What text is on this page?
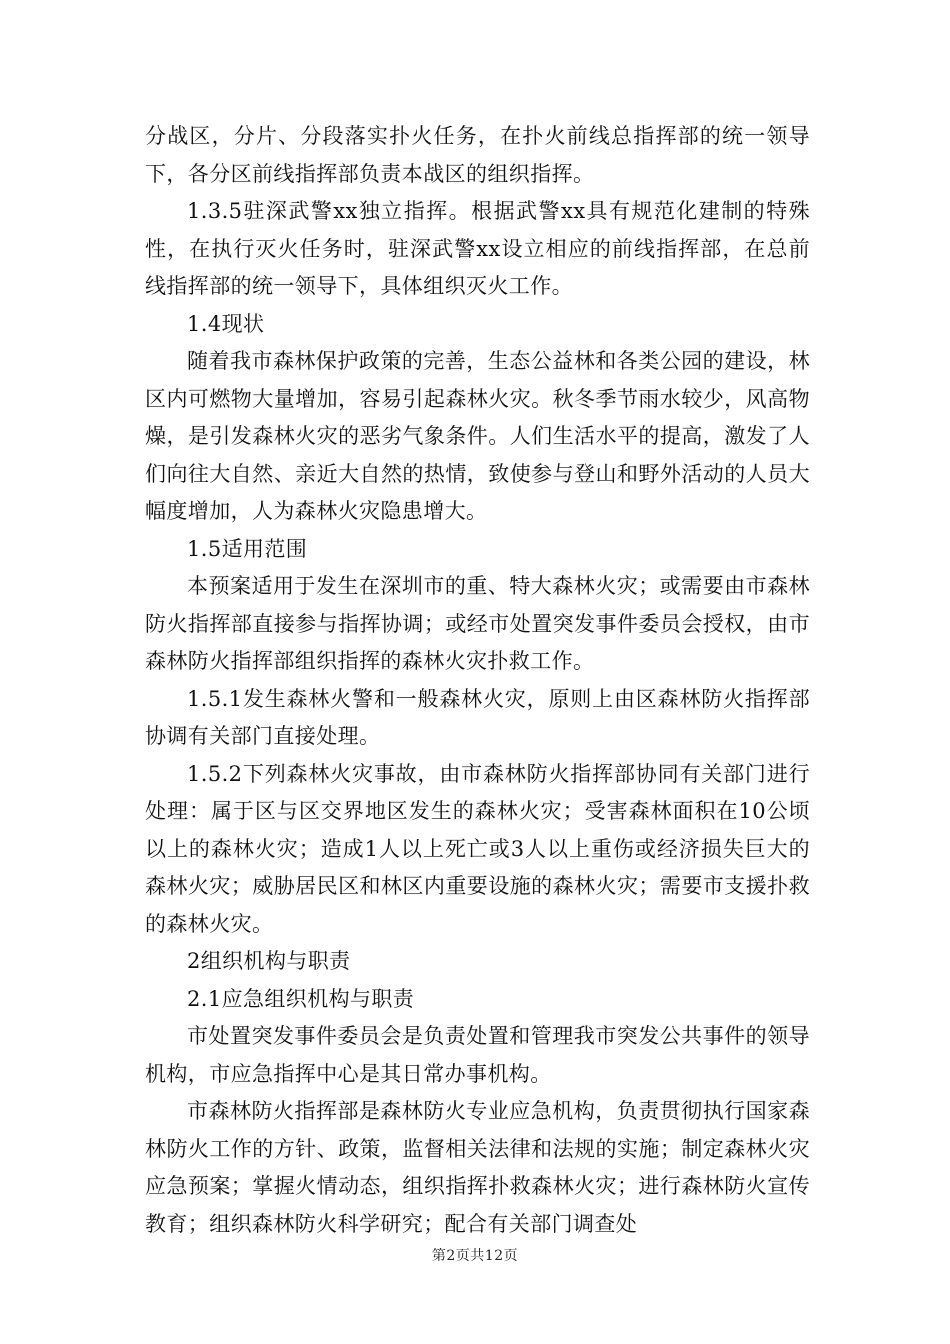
分战区，分片、分段落实扑火任务，在扑火前线总指挥部的统一领导下，各分区前线指挥部负责本战区的组织指挥。

1.3.5驻深武警xx独立指挥。根据武警xx具有规范化建制的特殊性，在执行灭火任务时，驻深武警xx设立相应的前线指挥部，在总前线指挥部的统一领导下，具体组织灭火工作。

1.4现状

随着我市森林保护政策的完善，生态公益林和各类公园的建设，林区内可燃物大量增加，容易引起森林火灾。秋冬季节雨水较少，风高物燥，是引发森林火灾的恶劣气象条件。人们生活水平的提高，激发了人们向往大自然、亲近大自然的热情，致使参与登山和野外活动的人员大幅度增加，人为森林火灾隐患增大。

1.5适用范围

本预案适用于发生在深圳市的重、特大森林火灾；或需要由市森林防火指挥部直接参与指挥协调；或经市处置突发事件委员会授权，由市森林防火指挥部组织指挥的森林火灾扑救工作。

1.5.1发生森林火警和一般森林火灾，原则上由区森林防火指挥部协调有关部门直接处理。

1.5.2下列森林火灾事故，由市森林防火指挥部协同有关部门进行处理：属于区与区交界地区发生的森林火灾；受害森林面积在10公顷以上的森林火灾；造成1人以上死亡或3人以上重伤或经济损失巨大的森林火灾；威胁居民区和林区内重要设施的森林火灾；需要市支援扑救的森林火灾。

2组织机构与职责

2.1应急组织机构与职责

市处置突发事件委员会是负责处置和管理我市突发公共事件的领导机构，市应急指挥中心是其日常办事机构。

市森林防火指挥部是森林防火专业应急机构，负责贯彻执行国家森林防火工作的方针、政策，监督相关法律和法规的实施；制定森林火灾应急预案；掌握火情动态，组织指挥扑救森林火灾；进行森林防火宣传教育；组织森林防火科学研究；配合有关部门调查处

第2页共12页
